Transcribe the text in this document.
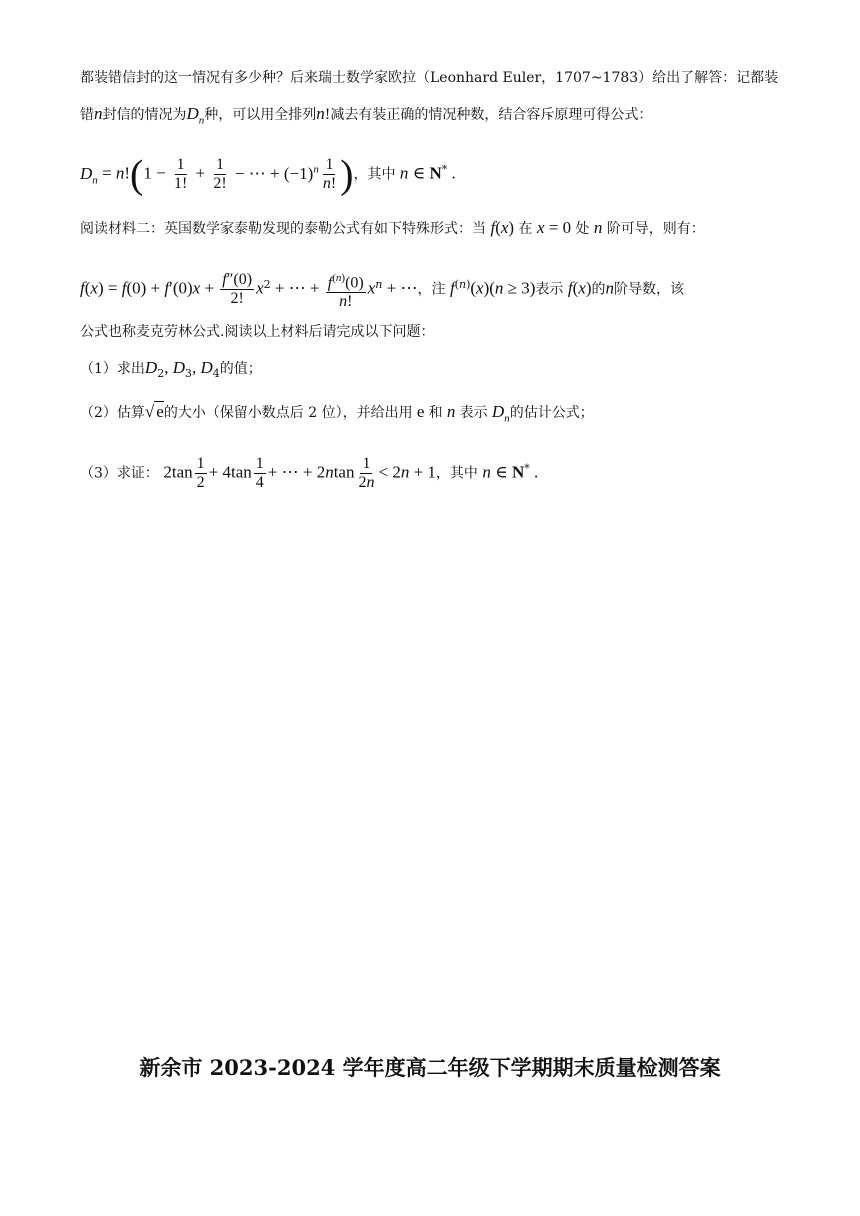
都装错信封的这一情况有多少种？后来瑞士数学家欧拉（Leonhard Euler，1707~1783）给出了解答：记都装
错n封信的情况为$D_n$种，可以用全排列n!减去有装正确的情况种数，结合容斥原理可得公式：
$D_n = n!(1 - \frac{1}{1!} + \frac{1}{2!}$ − ⋯ + $(-1)^n \frac{1}{n!}$ )，其中 n ∈ N* .
阅读材料二：英国数学家泰勒发现的泰勒公式有如下特殊形式：当 f(x) 在 x = 0 处 n 阶可导，则有：
$f(x) = f(0) + f'(0)x + \frac{f''(0)}{2!} x^2$ + ⋯ + $\frac{f^{(n)}(0)}{n!} x^n$ + ⋯，注 $f^{(n)}(x)(n \ge 3)$表示 f(x)的n阶导数，该
公式也称麦克劳林公式.阅读以上材料后请完成以下问题：
（1）求出$D_2$, $D_3$, $D_4$的值；
（2）估算√ e的大小（保留小数点后 2 位），并给出用 e 和 n 表示 $D_n$的估计公式；
（3）求证： $2\tan \frac{1}{2} + 4\tan \frac{1}{4}$ + ⋯ + $2ntan \frac{1}{2n} < 2n + 1$，其中 n ∈ N* .
新余市 2023-2024 学年度高二年级下学期期末质量检测答案
